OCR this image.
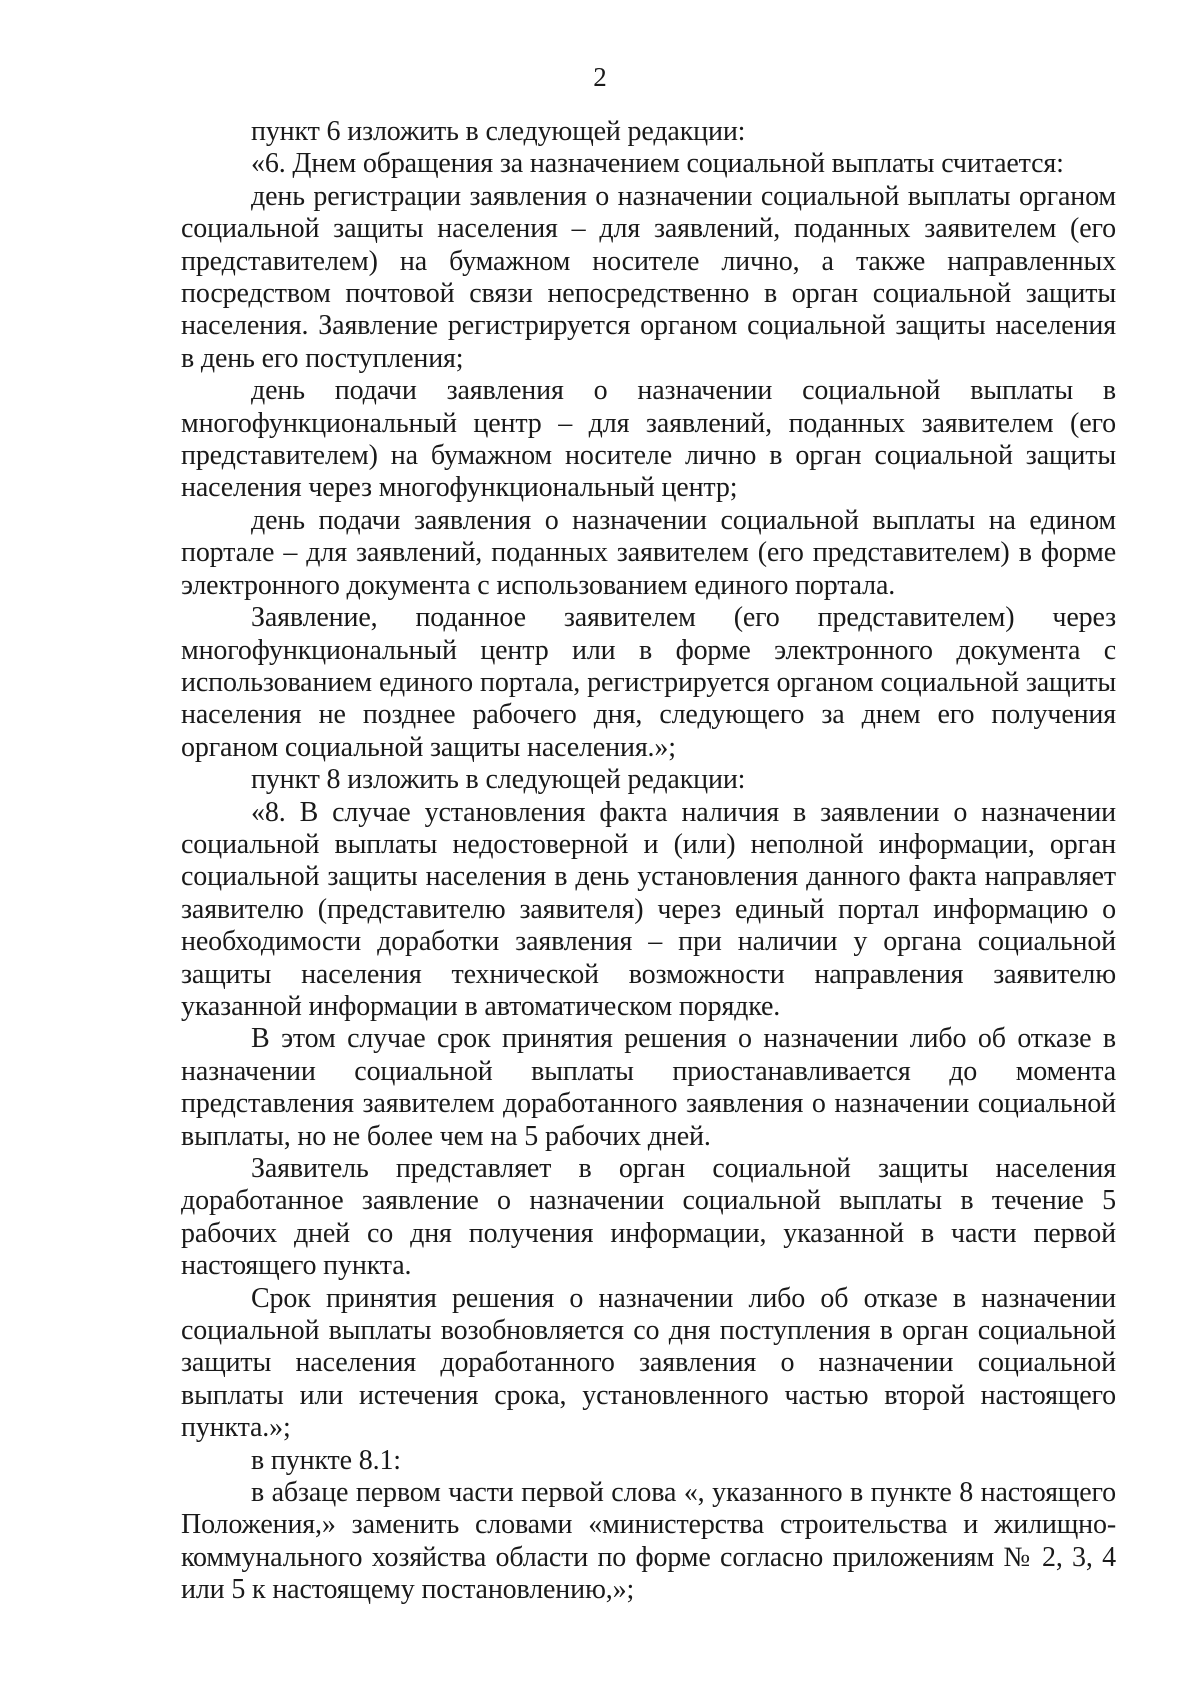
2

пункт 6 изложить в следующей редакции:

«6. Днем обращения за назначением социальной выплаты считается:

день регистрации заявления о назначении социальной выплаты органом социальной защиты населения – для заявлений, поданных заявителем (его представителем) на бумажном носителе лично, а также направленных посредством почтовой связи непосредственно в орган социальной защиты населения. Заявление регистрируется органом социальной защиты населения в день его поступления;

день подачи заявления о назначении социальной выплаты в многофункциональный центр – для заявлений, поданных заявителем (его представителем) на бумажном носителе лично в орган социальной защиты населения через многофункциональный центр;

день подачи заявления о назначении социальной выплаты на едином портале – для заявлений, поданных заявителем (его представителем) в форме электронного документа с использованием единого портала.

Заявление, поданное заявителем (его представителем) через многофункциональный центр или в форме электронного документа с использованием единого портала, регистрируется органом социальной защиты населения не позднее рабочего дня, следующего за днем его получения органом социальной защиты населения.»;

пункт 8 изложить в следующей редакции:

«8. В случае установления факта наличия в заявлении о назначении социальной выплаты недостоверной и (или) неполной информации, орган социальной защиты населения в день установления данного факта направляет заявителю (представителю заявителя) через единый портал информацию о необходимости доработки заявления – при наличии у органа социальной защиты населения технической возможности направления заявителю указанной информации в автоматическом порядке.

В этом случае срок принятия решения о назначении либо об отказе в назначении социальной выплаты приостанавливается до момента представления заявителем доработанного заявления о назначении социальной выплаты, но не более чем на 5 рабочих дней.

Заявитель представляет в орган социальной защиты населения доработанное заявление о назначении социальной выплаты в течение 5 рабочих дней со дня получения информации, указанной в части первой настоящего пункта.

Срок принятия решения о назначении либо об отказе в назначении социальной выплаты возобновляется со дня поступления в орган социальной защиты населения доработанного заявления о назначении социальной выплаты или истечения срока, установленного частью второй настоящего пункта.»;

в пункте 8.1:

в абзаце первом части первой слова «, указанного в пункте 8 настоящего Положения,» заменить словами «министерства строительства и жилищно-коммунального хозяйства области по форме согласно приложениям № 2, 3, 4 или 5 к настоящему постановлению,»;
